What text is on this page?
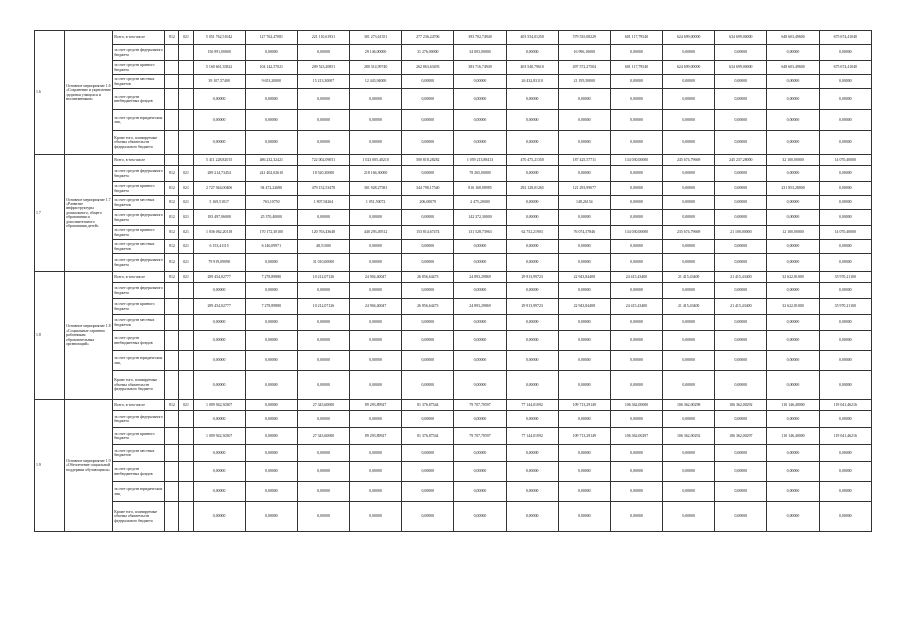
1.6	Основное мероприятие 1.6 «Сохранение и укрепление здоровья учащихся и воспитанников»	Всего, в том числе	812	021	5 051 762,51042	127 762,47081	221 110,61931	301 273,61351	277 236,24706	393 702,74940	403 554,01250	579 535,08229	601 117,79540	624 699,00000	634 699,00000	648 603,49600	675 674,41040
		за счет средств федерального бюджета			156 991,00000	0,00000	0,00000	29 146,00000	31 276,00000	34 003,00000	0,00000	16 996,10000	0,00000	0,00000	0,00000	0,00000	0,00000
		за счет средств краевого бюджета			5 160 661,35822	104 142,57021	209 523,20851	280 314,99740	262 863,63493	383 716,74949	403 540,79610	497 572,27504	601 117,79540	624 699,00000	634 699,00000	648 603,49600	675 674,41040
		за счет средств местных бюджетов			39 107,57400	9 653,20000	15 213,30007	12 443,94000	0,00000	0,00000	26 432,83110	21 195,50000	0,00000	0,00000	0,00000	0,00000	0,00000
		за счет средств внебюджетных фондов			0,00000	0,00000	0,00000	0,00000	0,00000	0,00000	0,00000	0,00000	0,00000	0,00000	0,00000	0,00000	0,00000
		за счет средств юридических лиц			0,00000	0,00000	0,00000	0,00000	0,00000	0,00000	0,00000	0,00000	0,00000	0,00000	0,00000	0,00000	0,00000
		Кроме того, планируемые объемы обязательств федерального бюджета			0,00000	0,00000	0,00000	0,00000	0,00000	0,00000	0,00000	0,00000	0,00000	0,00000	0,00000	0,00000	0,00000
1.7	Основное мероприятие 1.7 «Развитие инфраструктуры дошкольного, общего образования и дополнительного образования детей»	Всего, в том числе			5 411 228,82015	486 232,32421	722 002,09051	1 023 005,40210	500 818,28282	1 059 213,88413	470 475,21350	187 425,57711	134 030,00000	245 674,79669	245 237,28000	32 100,00000	14 070,40000
		за счет средств федерального бюджета	812	021	289 214,73454	241 402,02610	18 520,30000	218 166,30000	0,00000	78 265,00000	0,00000	0,00000	0,00000	0,00000	0,00000	0,00000	0,00000
		за счет средств краевого бюджета	812	021	2 727 944,00406	94 472,22680	479 152,53478	301 928,27581	344 798,17540	816 168,08985	292 128,01265	121 293,99077	0,00000	0,00000	0,00000	231 853,28000	0,00000
		за счет средств местных бюджетов	812	021	5 169,51017	763,10750	1 807,94264	1 051,50072	206,00079	2 475,20000	0,00000	148,26154	0,00000	0,00000	0,00000	0,00000	0,00000
		за счет средств федерального бюджета	812	021	183 497,06000	25 370,40000	0,00000	0,00000	0,00000	142 372,30000	0,00000	0,00000	0,00000	0,00000	0,00000	0,00000	0,00000
		за счет средств краевого бюджета	812	021	1 836 062,20118	170 172,30100	120 763,43648	440 293,49512	153 814,67474	131 528,73963	62 752,21903	76 074,37846	134 030,00000	235 674,79669	21 100,00000	12 100,00000	14 070,40000
		за счет средств местных бюджетов	812	021	6 153,41115	6 146,09971	48,51000	0,00000	0,00000	0,00000	0,00000	0,00000	0,00000	0,00000	0,00000	0,00000	0,00000
		за счет средств федерального бюджета	812	021	79 919,09098	0,00000	31 010,00000	0,00000	0,00000	0,00000	0,00000	0,00000	0,00000	0,00000	0,00000	0,00000	0,00000
1.8	Основное мероприятие 1.8 «Социальные гарантии работникам образовательных организаций»	Всего, в том числе	812	021	289 454,02777	7 278,89880	10 212,07126	24 904,40047	26 856,64473	24 893,29869	29 913,99723	22 943,84408	24 415,43400	21 415,43400	21 415,43400	32 622,81000	35 970,21100
		за счет средств федерального бюджета			0,00000	0,00000	0,00000	0,00000	0,00000	0,00000	0,00000	0,00000	0,00000	0,00000	0,00000	0,00000	0,00000
		за счет средств краевого бюджета			289 454,02777	7 278,89880	10 212,07126	24 904,40047	26 856,64473	24 893,29869	29 913,99723	22 943,84408	24 415,43400	21 415,43400	21 415,43400	32 622,81000	35 970,21100
		за счет средств местных бюджетов			0,00000	0,00000	0,00000	0,00000	0,00000	0,00000	0,00000	0,00000	0,00000	0,00000	0,00000	0,00000	0,00000
		за счет средств внебюджетных фондов			0,00000	0,00000	0,00000	0,00000	0,00000	0,00000	0,00000	0,00000	0,00000	0,00000	0,00000	0,00000	0,00000
		за счет средств юридических лиц			0,00000	0,00000	0,00000	0,00000	0,00000	0,00000	0,00000	0,00000	0,00000	0,00000	0,00000	0,00000	0,00000
		Кроме того, планируемые объемы обязательств федерального бюджета			0,00000	0,00000	0,00000	0,00000	0,00000	0,00000	0,00000	0,00000	0,00000	0,00000	0,00000	0,00000	0,00000
1.9	Основное мероприятие 1.9 «Обеспечение социальной поддержки обучающихся»	Всего, в том числе	812	021	1 009 942,30307	0,00000	27 343,60000	89 293,89927	81 376,87544	79 707,70597	77 144,01092	109 713,29149	106 362,00000	106 362,00298	106 362,00292	110 146,40000	119 041,46216
		за счет средств федерального бюджета			0,00000	0,00000	0,00000	0,00000	0,00000	0,00000	0,00000	0,00000	0,00000	0,00000	0,00000	0,00000	0,00000
		за счет средств краевого бюджета			1 009 942,30307	0,00000	27 343,60000	89 293,89927	81 376,87544	79 707,70597	77 144,01092	109 713,29149	106 362,00297	106 362,00292	106 362,00297	110 146,40000	119 041,46216
		за счет средств местных бюджетов			0,00000	0,00000	0,00000	0,00000	0,00000	0,00000	0,00000	0,00000	0,00000	0,00000	0,00000	0,00000	0,00000
		за счет средств внебюджетных фондов			0,00000	0,00000	0,00000	0,00000	0,00000	0,00000	0,00000	0,00000	0,00000	0,00000	0,00000	0,00000	0,00000
		за счет средств юридических лиц			0,00000	0,00000	0,00000	0,00000	0,00000	0,00000	0,00000	0,00000	0,00000	0,00000	0,00000	0,00000	0,00000
		Кроме того, планируемые объемы обязательств федерального бюджета			0,00000	0,00000	0,00000	0,00000	0,00000	0,00000	0,00000	0,00000	0,00000	0,00000	0,00000	0,00000	0,00000
